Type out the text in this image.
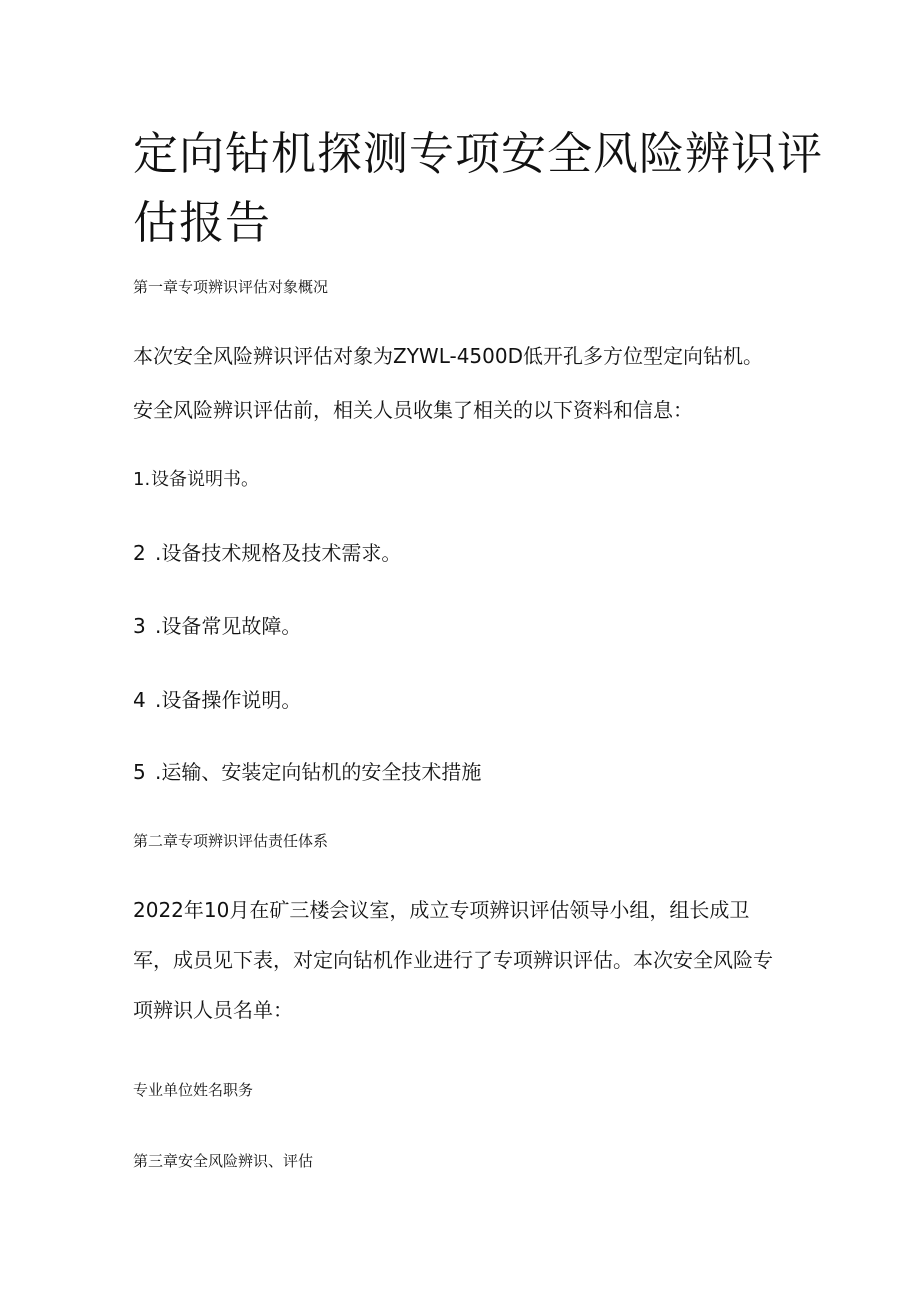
定向钻机探测专项安全风险辨识评
估报告
第一章专项辨识评估对象概况

本次安全风险辨识评估对象为ZYWL-4500D低开孔多方位型定向钻机。

安全风险辨识评估前，相关人员收集了相关的以下资料和信息：

1.设备说明书。

2 .设备技术规格及技术需求。

3 .设备常见故障。

4 .设备操作说明。

5 .运输、安装定向钻机的安全技术措施

第二章专项辨识评估责任体系

2022年10月在矿三楼会议室，成立专项辨识评估领导小组，组长成卫

军，成员见下表，对定向钻机作业进行了专项辨识评估。本次安全风险专

项辨识人员名单：

专业单位姓名职务

第三章安全风险辨识、评估
